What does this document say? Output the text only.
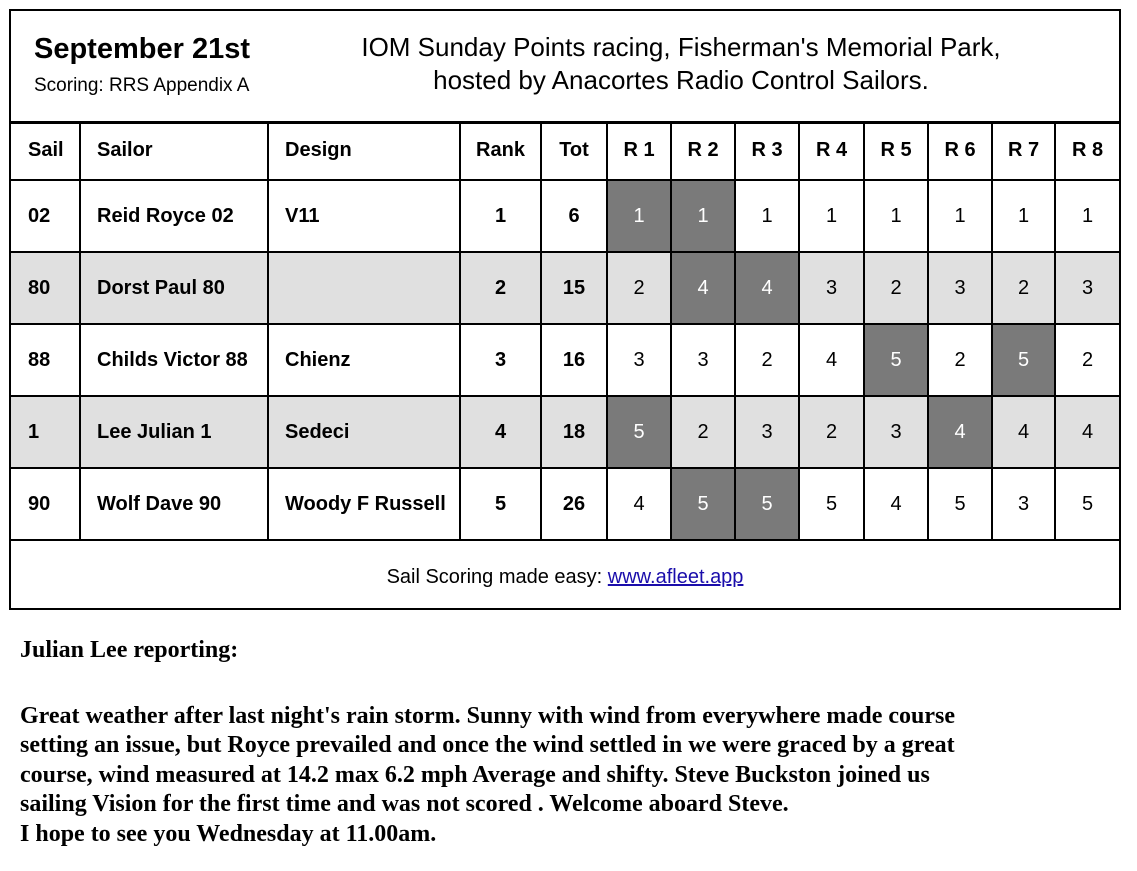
September 21st
Scoring: RRS Appendix A
IOM Sunday Points racing, Fisherman's Memorial Park,
hosted by Anacortes Radio Control Sailors.
Sail	Sailor	Design	Rank	Tot	R 1	R 2	R 3	R 4	R 5	R 6	R 7	R 8
02	Reid Royce 02	V11	1	6	1	1	1	1	1	1	1	1
80	Dorst Paul 80		2	15	2	4	4	3	2	3	2	3
88	Childs Victor 88	Chienz	3	16	3	3	2	4	5	2	5	2
1	Lee Julian 1	Sedeci	4	18	5	2	3	2	3	4	4	4
90	Wolf Dave 90	Woody F Russell	5	26	4	5	5	5	4	5	3	5
Sail Scoring made easy: www.afleet.app
Julian Lee reporting:
Great weather after last night's rain storm. Sunny with wind from everywhere made course
setting an issue, but Royce prevailed and once the wind settled in we were graced by a great
course, wind measured at 14.2 max 6.2 mph Average and shifty. Steve Buckston joined us
sailing Vision for the first time and was not scored . Welcome aboard Steve.
I hope to see you Wednesday at 11.00am.
